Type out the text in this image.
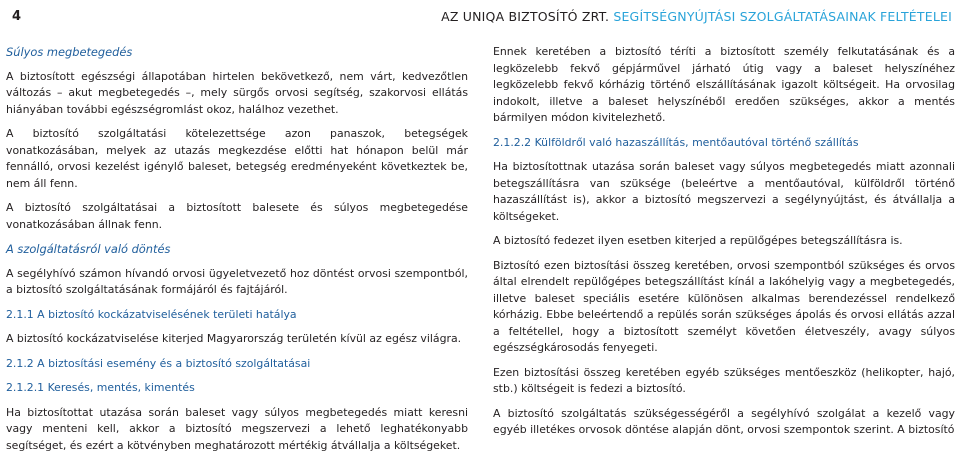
4	AZ UNIQA BIZTOSÍTÓ ZRT. SEGÍTSÉGNYÚJTÁSI SZOLGÁLTATÁSAINAK FELTÉTELEI
Súlyos megbetegedés

A biztosított egészségi állapotában hirtelen bekövetkező, nem várt, kedvezőtlen változás – akut megbetegedés –, mely sürgős orvosi segítség, szakorvosi ellátás hiányában további egészségromlást okoz, halálhoz vezethet.

A biztosító szolgáltatási kötelezettsége azon panaszok, betegségek vonatkozásában, melyek az utazás megkezdése előtti hat hónapon belül már fennálló, orvosi kezelést igénylő baleset, betegség eredményeként következtek be, nem áll fenn.

A biztosító szolgáltatásai a biztosított balesete és súlyos megbetegedése vonatkozásában állnak fenn.

A szolgáltatásról való döntés

A segélyhívó számon hívandó orvosi ügyeletvezető hoz döntést orvosi szempontból, a biztosító szolgáltatásának formájáról és fajtájáról.

2.1.1 A biztosító kockázatviselésének területi hatálya

A biztosító kockázatviselése kiterjed Magyarország területén kívül az egész világra.

2.1.2 A biztosítási esemény és a biztosító szolgáltatásai
2.1.2.1 Keresés, mentés, kimentés

Ha biztosítottat utazása során baleset vagy súlyos megbetegedés miatt keresni vagy menteni kell, akkor a biztosító megszervezi a lehető leghatékonyabb segítséget, és ezért a kötvényben meghatározott mértékig átvállalja a költségeket.

Ennek keretében a biztosító téríti a biztosított személy felkutatásának és a legközelebb fekvő gépjárművel járható útig vagy a baleset helyszínéhez legközelebb fekvő kórházig történő elszállításának igazolt költségeit. Ha orvosilag indokolt, illetve a baleset helyszínéből eredően szükséges, akkor a mentés bármilyen módon kivitelezhető.

2.1.2.2 Külföldről való hazaszállítás, mentőautóval történő szállítás

Ha biztosítottnak utazása során baleset vagy súlyos megbetegedés miatt azonnali betegszállításra van szüksége (beleértve a mentőautóval, külföldről történő hazaszállítást is), akkor a biztosító megszervezi a segélynyújtást, és átvállalja a költségeket.

A biztosító fedezet ilyen esetben kiterjed a repülőgépes betegszállításra is.

Biztosító ezen biztosítási összeg keretében, orvosi szempontból szükséges és orvos által elrendelt repülőgépes betegszállítást kínál a lakóhelyig vagy a megbetegedés, illetve baleset speciális esetére különösen alkalmas berendezéssel rendelkező kórházig. Ebbe beleértendő a repülés során szükséges ápolás és orvosi ellátás azzal a feltétellel, hogy a biztosított személyt követően életveszély, avagy súlyos egészségkárosodás fenyegeti.

Ezen biztosítási összeg keretében egyéb szükséges mentőeszköz (helikopter, hajó, stb.) költségeit is fedezi a biztosító.

A biztosító szolgáltatás szükségességéről a segélyhívó szolgálat a kezelő vagy egyéb illetékes orvosok döntése alapján dönt, orvosi szempontok szerint. A biztosító
